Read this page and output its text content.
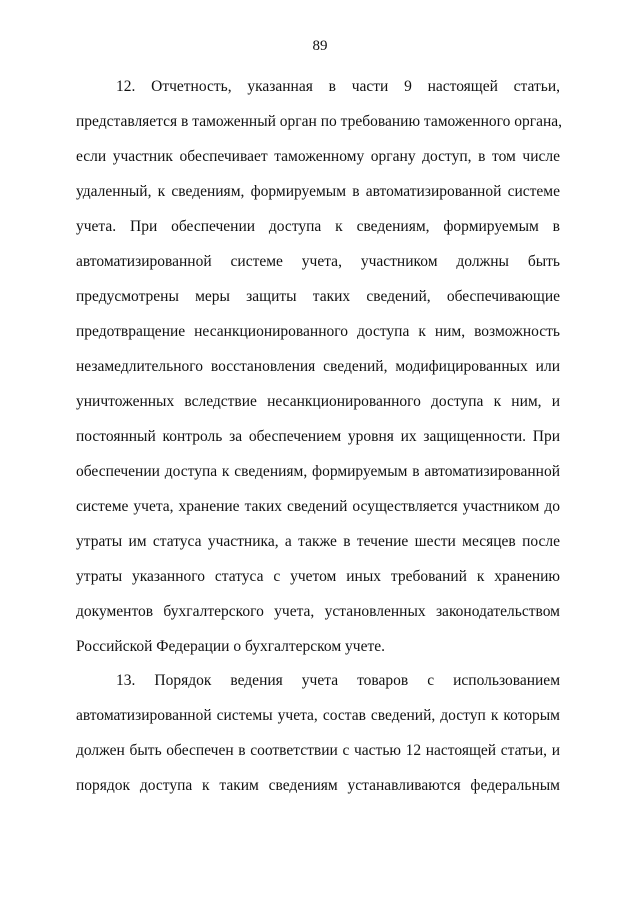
89
12. Отчетность, указанная в части 9 настоящей статьи,
представляется в таможенный орган по требованию таможенного органа,
если участник обеспечивает таможенному органу доступ, в том числе
удаленный, к сведениям, формируемым в автоматизированной системе
учета. При обеспечении доступа к сведениям, формируемым в
автоматизированной системе учета, участником должны быть
предусмотрены меры защиты таких сведений, обеспечивающие
предотвращение несанкционированного доступа к ним, возможность
незамедлительного восстановления сведений, модифицированных или
уничтоженных вследствие несанкционированного доступа к ним, и
постоянный контроль за обеспечением уровня их защищенности. При
обеспечении доступа к сведениям, формируемым в автоматизированной
системе учета, хранение таких сведений осуществляется участником до
утраты им статуса участника, а также в течение шести месяцев после
утраты указанного статуса с учетом иных требований к хранению
документов бухгалтерского учета, установленных законодательством
Российской Федерации о бухгалтерском учете.
13. Порядок ведения учета товаров с использованием
автоматизированной системы учета, состав сведений, доступ к которым
должен быть обеспечен в соответствии с частью 12 настоящей статьи, и
порядок доступа к таким сведениям устанавливаются федеральным
